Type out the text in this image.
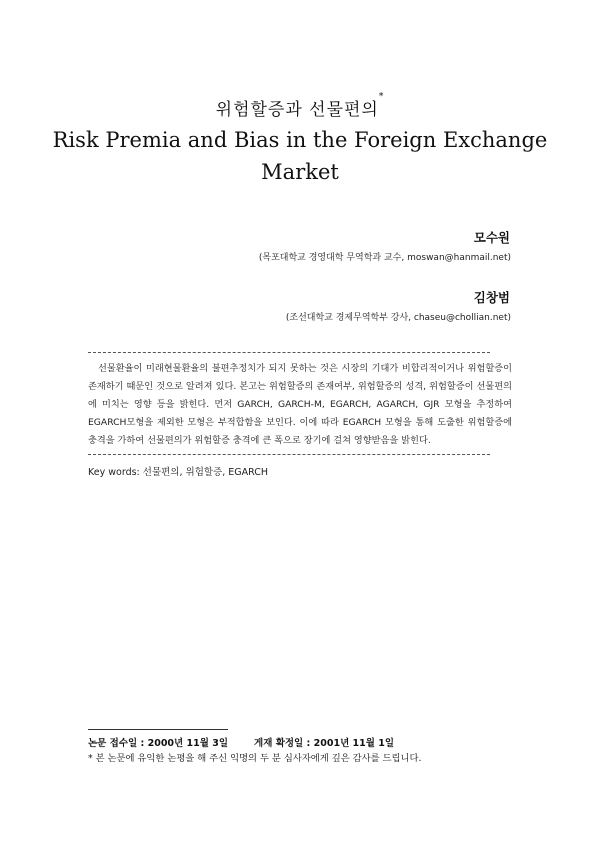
위험할증과 선물편의*
Risk Premia and Bias in the Foreign Exchange Market
모수원
(목포대학교 경영대학 무역학과 교수, moswan@hanmail.net)
김창범
(조선대학교 경제무역학부 강사, chaseu@chollian.net)
선물환율이 미래현물환율의 불편추정치가 되지 못하는 것은 시장의 기대가 비합리적이거나 위험할증이 존재하기 때문인 것으로 알려져 있다. 본고는 위험할증의 존재여부, 위험할증의 성격, 위험할증이 선물편의에 미치는 영향 등을 밝힌다. 먼저 GARCH, GARCH-M, EGARCH, AGARCH, GJR 모형을 추정하여 EGARCH모형을 제외한 모형은 부적합함을 보인다. 이에 따라 EGARCH 모형을 통해 도출한 위험할증에 충격을 가하여 선물편의가 위험할증 충격에 큰 폭으로 장기에 걸쳐 영향받음을 밝힌다.
Key words: 선물편의, 위험할증, EGARCH
논문 접수일 : 2000년 11월 3일	게재 확정일 : 2001년 11월 1일
* 본 논문에 유익한 논평을 해 주신 익명의 두 분 심사자에게 깊은 감사를 드립니다.
